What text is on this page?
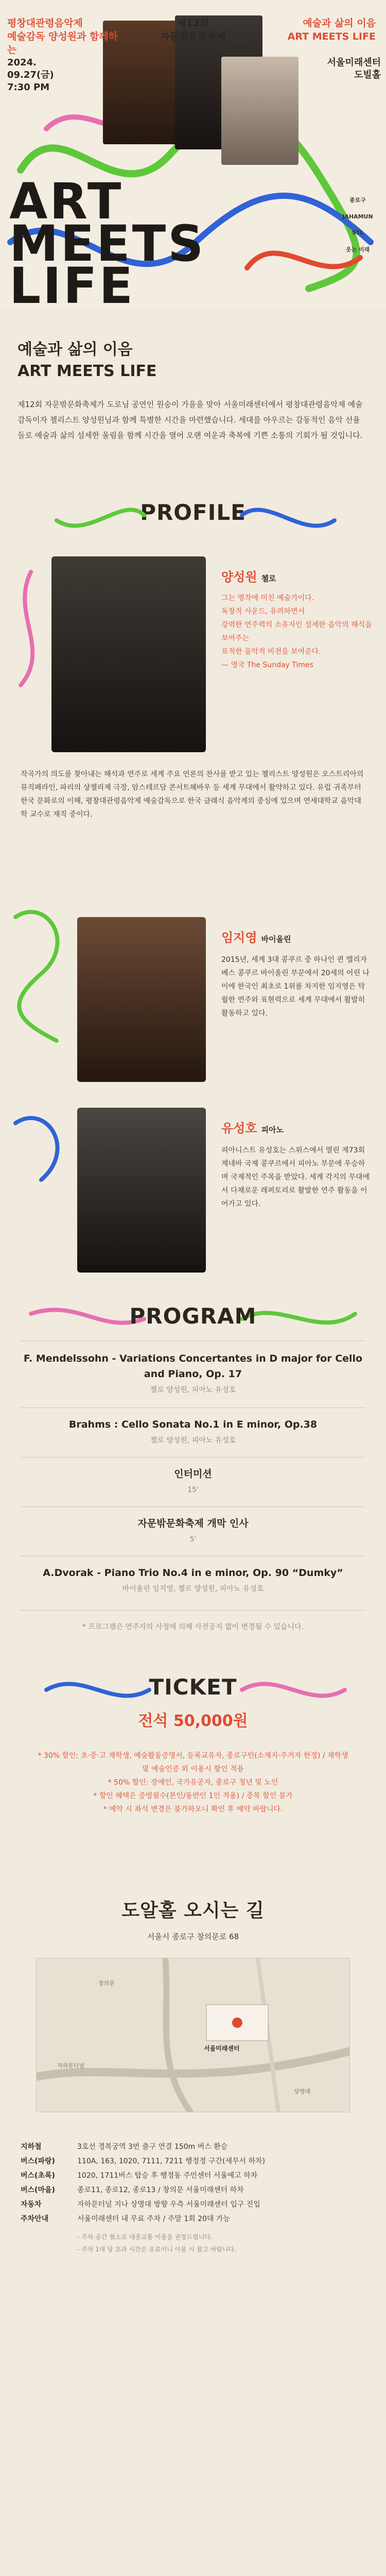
평창대관령음악제
예술감독 양성원과 함께하는
제12회
자문밖문화축제
예술과 삶의 이음
ART MEETS LIFE
2024.
09.27(금)
7:30 PM
서울미래센터
도빌홀
ART
MEETS
LIFE
종로구
JAHAMUN
STL
웃는 미래
예술과 삶의 이음
ART MEETS LIFE

제12회 자문밖문화축제가 도로님 공연인 원숭이 가을을 맞아 서울미래센터에서 평창대관령음악제 예술감독이자 첼리스트 양성원님과 함께 특별한 시간을 마련했습니다. 세대를 아우르는 감동적인 음악 선율들로 예술과 삶의 섬세한 울림을 함께 시간을 열어 오랜 여운과 축복에 기쁜 소통의 기회가 될 것입니다.

PROFILE
양성원 첼로
그는 명작에 미친 예술가이다.
독창적 사운드, 유려하면서
강력한 연주력의 소유자인 섬세한 음악의 해석을 보여주는
표적한 음악적 비전을 보여준다.
— 영국 The Sunday Times
작곡가의 의도를 찾아내는 해석과 연주로 세계 주요 언론의 찬사를 받고 있는 첼리스트 양성원은 오스트리아의 뮤직페라인, 파리의 샹젤리제 극장, 암스테르담 콘서트헤바우 등 세계 무대에서 활약하고 있다. 유럽 귀족부터 한국 문화로의 이해, 평창대관령음악제 예술감독으로 한국 클래식 음악계의 중심에 있으며 연세대학교 음악대학 교수로 재직 중이다.
임지영 바이올린
2015년, 세계 3대 콩쿠르 중 하나인 퀸 엘리자베스 콩쿠르 바이올린 부문에서 20세의 어린 나이에 한국인 최초로 1위를 차지한 임지영은 탁월한 연주와 표현력으로 세계 무대에서 활발히 활동하고 있다.
유성호 피아노
피아니스트 유성호는 스위스에서 열린 제73회 제네바 국제 콩쿠르에서 피아노 부문에 우승하며 국제적인 주목을 받았다. 세계 각지의 무대에서 다채로운 레퍼토리로 활발한 연주 활동을 이어가고 있다.
PROGRAM
F. Mendelssohn - Variations Concertantes in D major for Cello and Piano, Op. 17
첼로 양성원, 피아노 유성호
Brahms : Cello Sonata No.1 in E minor, Op.38
첼로 양성원, 피아노 유성호
인터미션
15'
자문밖문화축제 개막 인사
5'
A.Dvorak - Piano Trio No.4 in e minor, Op. 90 “Dumky”
바이올린 임지영, 첼로 양성원, 피아노 유성호
* 프로그램은 연주자의 사정에 의해 사전공지 없이 변경될 수 있습니다.
TICKET
전석 50,000원
* 30% 할인: 초·중·고 재학생, 예술활동증명서, 등록교유자, 종로구민(소재지·주거자 한정) / 재학생 및 예술인증 외 이용시 할인 적용
* 50% 할인: 장애인, 국가유공자, 종로구 청년 및 노인
* 할인 혜택은 증빙필수(본인/동반인 1인 적용) / 중복 할인 불가
* 예약 시 좌석 변경은 불가하오니 확인 후 예약 바랍니다.
도알홀 오시는 길
서울시 종로구 창의문로 68
서울미래센터
창의문
자하문터널
상명대
지하철	3호선 경복궁역 3번 출구 연결 150m 버스 환승
버스(파랑)	110A, 163, 1020, 7111, 7211 행정정 구간(세무서 하차)
버스(초록)	1020, 1711버스 탑승 후 행정동 주민센터 서울예고 하차
버스(마을)	종로11, 종로12, 종로13 / 창의문 서울미래센터 하차
자동차	자하문터널 지나 상명대 방향 우측 서울미래센터 입구 진입
주차안내	서울미래센터 내 무료 주차 / 주말 1회 20대 가능
- 주차 공간 협소로 대중교통 이용을 권장드립니다.
- 주차 1대 당 초과 시간은 유료이니 이용 시 참고 바랍니다.
